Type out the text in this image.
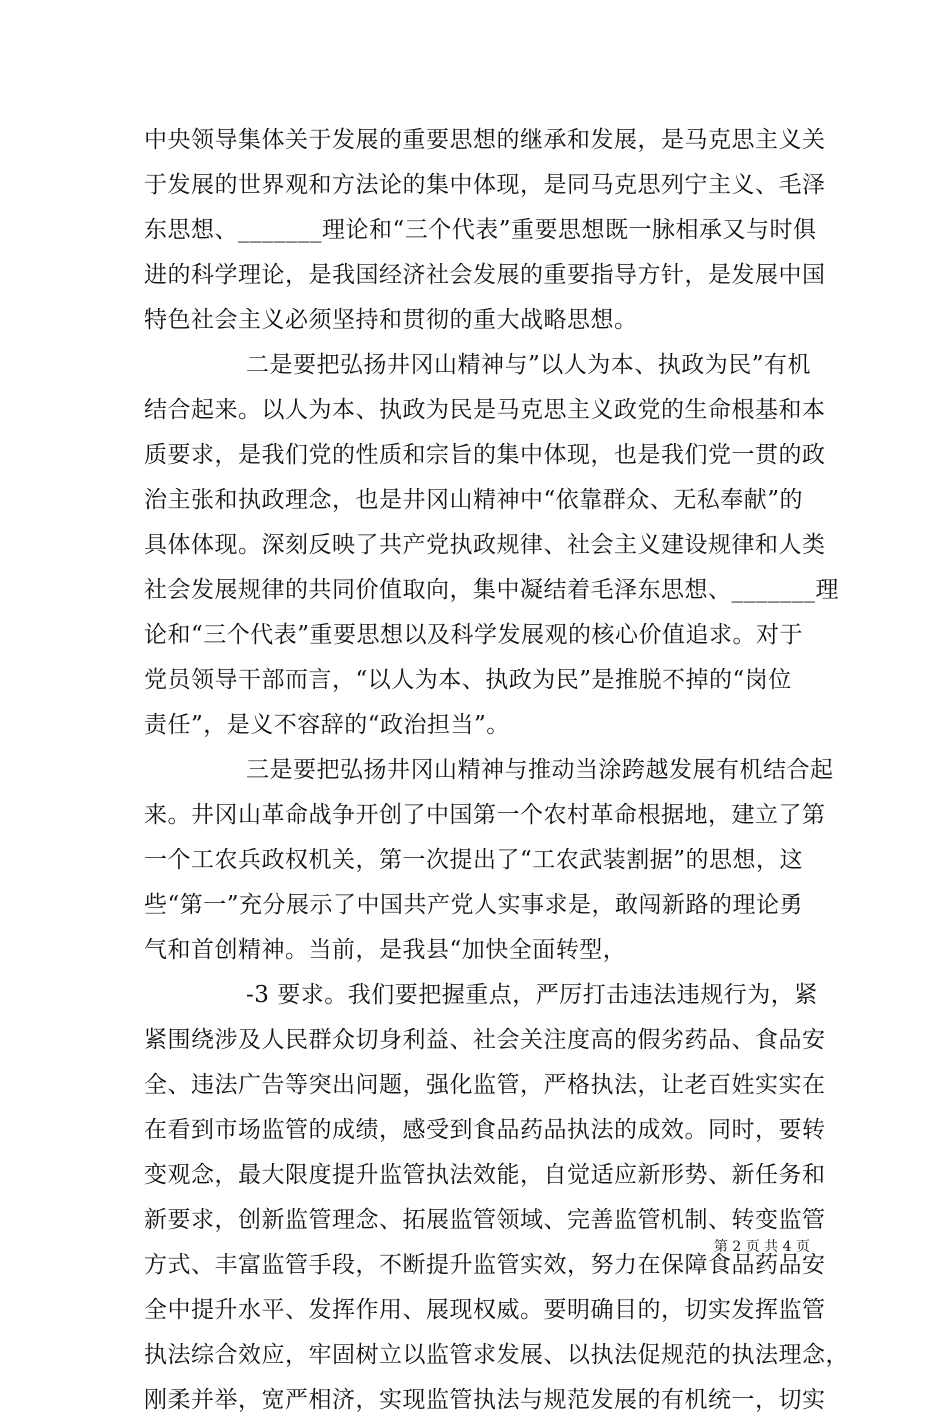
中央领导集体关于发展的重要思想的继承和发展，是马克思主义关
于发展的世界观和方法论的集中体现，是同马克思列宁主义、毛泽
东思想、_______理论和“三个代表”重要思想既一脉相承又与时俱
进的科学理论，是我国经济社会发展的重要指导方针，是发展中国
特色社会主义必须坚持和贯彻的重大战略思想。
二是要把弘扬井冈山精神与”以人为本、执政为民”有机
结合起来。以人为本、执政为民是马克思主义政党的生命根基和本
质要求，是我们党的性质和宗旨的集中体现，也是我们党一贯的政
治主张和执政理念，也是井冈山精神中“依靠群众、无私奉献”的
具体体现。深刻反映了共产党执政规律、社会主义建设规律和人类
社会发展规律的共同价值取向，集中凝结着毛泽东思想、_______理
论和“三个代表”重要思想以及科学发展观的核心价值追求。对于
党员领导干部而言，“以人为本、执政为民”是推脱不掉的“岗位
责任”，是义不容辞的“政治担当”。
三是要把弘扬井冈山精神与推动当涂跨越发展有机结合起
来。井冈山革命战争开创了中国第一个农村革命根据地，建立了第
一个工农兵政权机关，第一次提出了“工农武装割据”的思想，这
些“第一”充分展示了中国共产党人实事求是，敢闯新路的理论勇
气和首创精神。当前，是我县“加快全面转型，
-3 要求。我们要把握重点，严厉打击违法违规行为，紧
紧围绕涉及人民群众切身利益、社会关注度高的假劣药品、食品安
全、违法广告等突出问题，强化监管，严格执法，让老百姓实实在
在看到市场监管的成绩，感受到食品药品执法的成效。同时，要转
变观念，最大限度提升监管执法效能，自觉适应新形势、新任务和
新要求，创新监管理念、拓展监管领域、完善监管机制、转变监管
方式、丰富监管手段，不断提升监管实效，努力在保障食品药品安
全中提升水平、发挥作用、展现权威。要明确目的，切实发挥监管
执法综合效应，牢固树立以监管求发展、以执法促规范的执法理念，
刚柔并举，宽严相济，实现监管执法与规范发展的有机统一，切实
第 2 页 共 4 页
